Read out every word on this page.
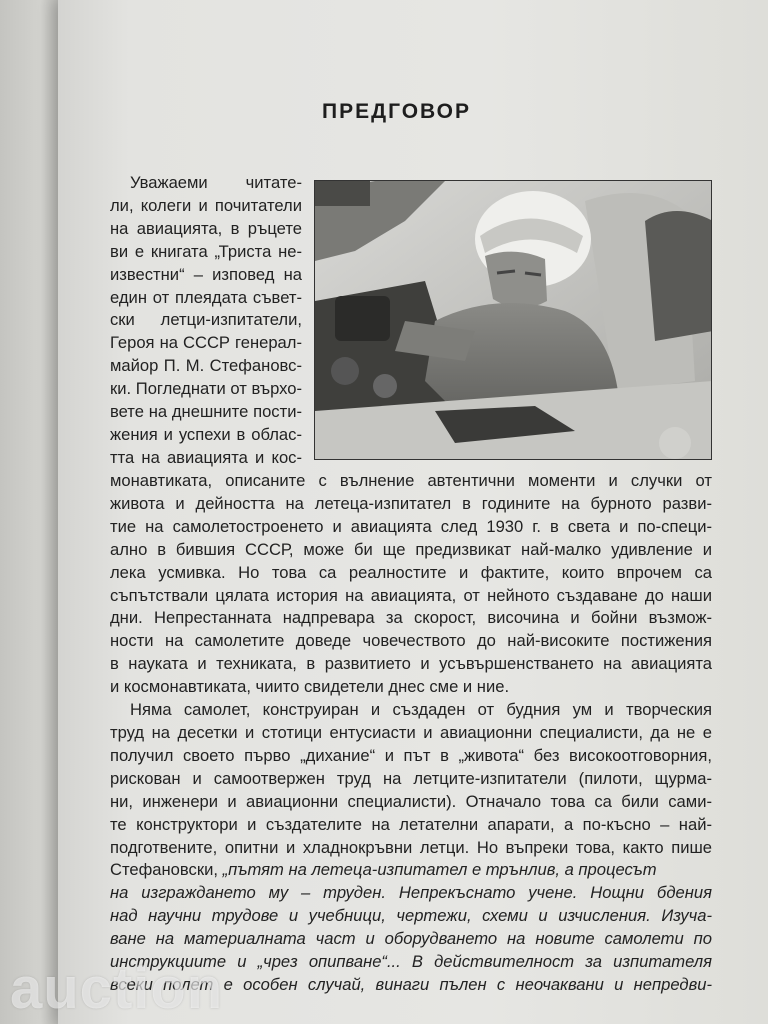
ПРЕДГОВОР
Уважаеми читате-
ли, колеги и почитатели
на авиацията, в ръцете
ви е книгата „Триста не-
известни“ – изповед на
един от плеядата съвет-
ски летци-изпитатели,
Героя на СССР генерал-
майор П. М. Стефановс-
ки. Погледнати от върхо-
вете на днешните пости-
жения и успехи в облас-
тта на авиацията и кос-
монавтиката, описаните с вълнение автентични моменти и случки от
живота и дейността на летеца-изпитател в годините на бурното разви-
тие на самолетостроенето и авиацията след 1930 г. в света и по-специ-
ално в бившия СССР, може би ще предизвикат най-малко удивление и
лека усмивка. Но това са реалностите и фактите, които впрочем са
съпътствали цялата история на авиацията, от нейното създаване до наши
дни. Непрестанната надпревара за скорост, височина и бойни възмож-
ности на самолетите доведе човечеството до най-високите постижения
в науката и техниката, в развитието и усъвършенстването на авиацията
и космонавтиката, чиито свидетели днес сме и ние.
Няма самолет, конструиран и създаден от будния ум и творческия
труд на десетки и стотици ентусиасти и авиационни специалисти, да не е
получил своето първо „дихание“ и път в „живота“ без високоотговорния,
рискован и самоотвержен труд на летците-изпитатели (пилоти, щурма-
ни, инженери и авиационни специалисти). Отначало това са били сами-
те конструктори и създателите на летателни апарати, а по-късно – най-
подготвените, опитни и хладнокръвни летци. Но въпреки това, както пише
Стефановски, „пътят на летеца-изпитател е трънлив, а процесът
на изграждането му – труден. Непрекъснато учене. Нощни бдения
над научни трудове и учебници, чертежи, схеми и изчисления. Изуча-
ване на материалната част и оборудването на новите самолети по
инструкциите и „чрез опипване“... В действителност за изпитателя
всеки полет е особен случай, винаги пълен с неочаквани и непредви-
auction
